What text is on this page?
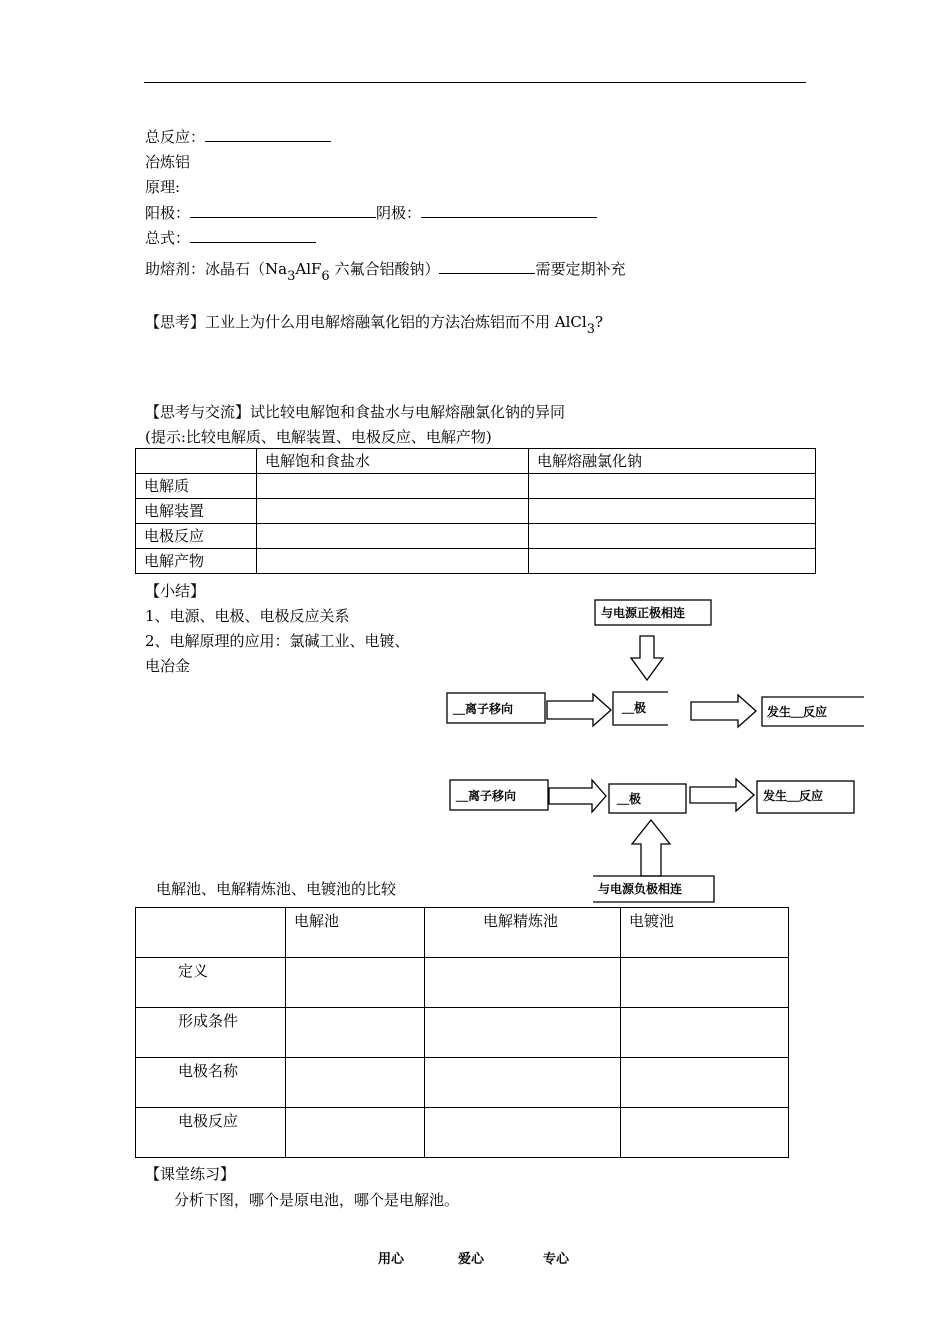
总反应：
冶炼铝
原理:
阳极：	阴极：
总式：
助熔剂：冰晶石（$Na_3AlF_6$ 六氟合铝酸钠）	需要定期补充
【思考】工业上为什么用电解熔融氧化铝的方法冶炼铝而不用 AlCl$_3$?
【思考与交流】试比较电解饱和食盐水与电解熔融氯化钠的异同
(提示:比较电解质、电解装置、电极反应、电解产物)
	电解饱和食盐水	电解熔融氯化钠
电解质		
电解装置		
电极反应		
电解产物		
【小结】
1、电源、电极、电极反应关系
2、电解原理的应用：氯碱工业、电镀、
电冶金
与电源正极相连
＿离子移向	＿极	发生＿反应
＿离子移向	＿极	发生＿反应
与电源负极相连
电解池、电解精炼池、电镀池的比较
	电解池	电解精炼池	电镀池
定义			
形成条件			
电极名称			
电极反应			
【课堂练习】
分析下图，哪个是原电池，哪个是电解池。
用心	爱心	专心
